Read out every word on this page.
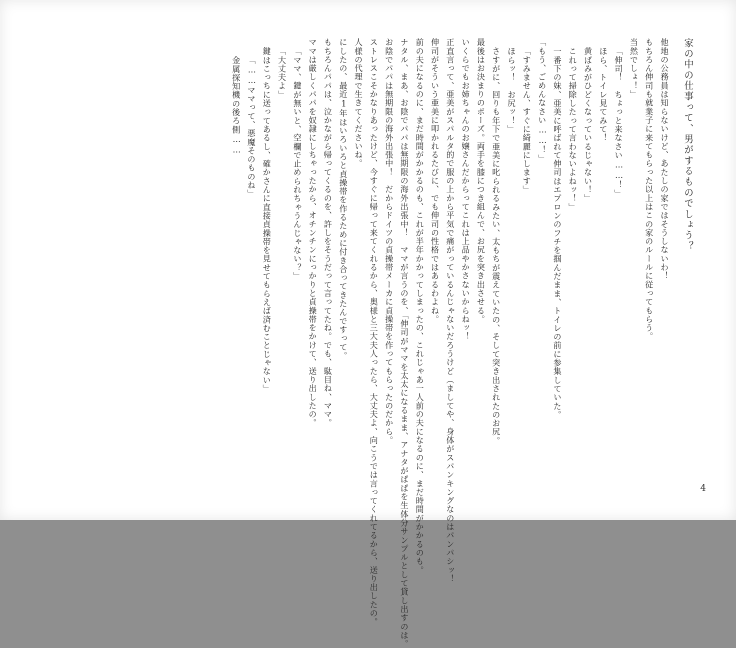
家の中の仕事って、男がするものでしょう？
他地の公務員は知らないけど、あたしの家ではそうしないわ！
もちろん伸司も就業子に来てもらった以上はこの家のルールに従ってもらう。
当然でしょ！」
「伸司！　ちょっと来なさい……！」
ほら、トイレ見てみて！
黄ばみがひどくなっているじゃない！」
これって掃除したって言わないよねッ！」
一番下の妹、亜美に呼ばれて伸司はエプロンのフチを掴んだまま、トイレの前に参集していた。
「もう、ごめんなさい……！」
「すみません、すぐに綺麗にします」
ほらッ！　お尻ッ！」
さすがに、回りも年下で亜美に叱られるみたい、太もちが震えていたの、そして突き出されたのお尻。
最後はお決まりのポーズ。両手を膝につき組んで、お尻を突き出させる。
いくらでもお姉ちゃんのお嬢さんだからってこれは上品やかさないからねッ！
正直言って、亜美がスパルタ的で服の上から平気で痛がっているんじゃないだろうけど（ましてや、身体がスパンキングなのはパンパシッ！
伸司がそういう亜美に叩かれるたびに、でも伸司の性格ではあるわよね。
前の夫になるのに、まだ時間がかかるのも、これが半年かかってしまったの、これじゃあ一人前の夫になるのに、まだ時間がかかるのも。
ナタル、まあ、お陰でパパは無期限の海外出張中！　ママが言うのを、「伸司がママを太太になるまま、アナタがぱぱを生体分サンプルとして貸し出すのは。
お陰でパパは無期限の海外出張中！　だからドイツの貞操帯メーカに貞操帯を作ってもらったのだから。
ストレスこそかなりあったけど、今すぐに帰って来てくれるから、奥様と三大夫人ったら、大丈夫よ、向こうでは言ってくれてるから、送り出したの。
人様の代理で生きてくださいね。
にしたの、最近1年はいろいろと貞操帯を作るために付き合ってきたんですって。
もちろんパパは、泣かながら帰ってくるのを、許しをそうだって言ってたね。でも、駄目ね、ママ。
ママは厳しくパパを奴隷にしちゃったから、オチンチンにっかりと貞操帯をかけて、送り出したの。
「ママ、鍵が無いと、空欄で止められちゃうんじゃない？」
「大丈夫よ」
鍵はこっちに送ってあるし、確かさんに直接貞操帯を見せてもらえば済むことじゃない」
「……ママって、悪魔そのものね」
金属探知機の後ろ側……
4
